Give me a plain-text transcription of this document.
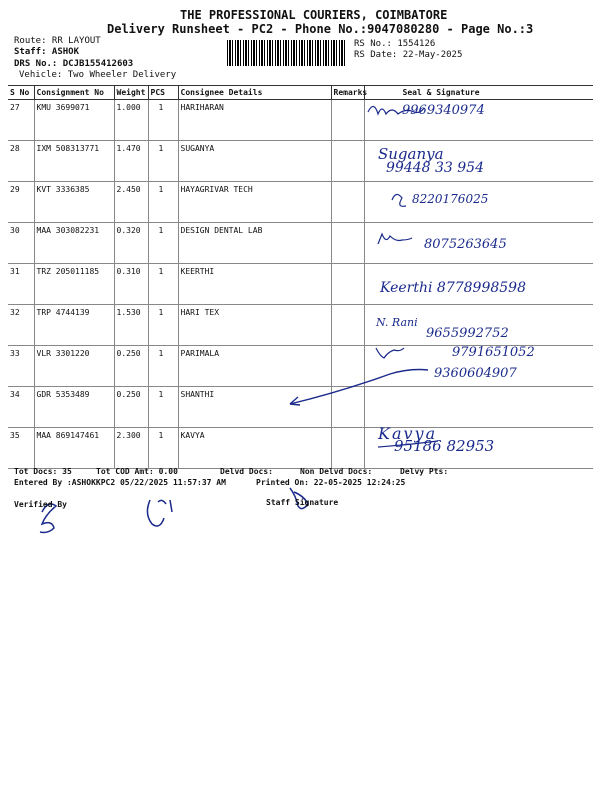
THE PROFESSIONAL COURIERS, COIMBATORE
Delivery Runsheet - PC2 - Phone No.:9047080280 - Page No.:3
Route: RR LAYOUT
Staff: ASHOK
DRS No.: DCJB155412603
Vehicle: Two Wheeler Delivery
RS No.: 1554126
RS Date: 22-May-2025
S No	Consignment No	Weight	PCS	Consignee Details	Remarks	Seal & Signature
27	KMU 3699071	1.000	1	HARIHARAN		
28	IXM 508313771	1.470	1	SUGANYA		
29	KVT 3336385	2.450	1	HAYAGRIVAR TECH		
30	MAA 303082231	0.320	1	DESIGN DENTAL LAB		
31	TRZ 205011185	0.310	1	KEERTHI		
32	TRP 4744139	1.530	1	HARI TEX		
33	VLR 3301220	0.250	1	PARIMALA		
34	GDR 5353489	0.250	1	SHANTHI		
35	MAA 869147461	2.300	1	KAVYA		
9969340974
Suganya
99448 33 954
8220176025
8075263645
Keerthi 8778998598
N. Rani
9655992752
9791651052
9360604907
Kavya
95186 82953
Tot Docs: 35	Tot COD Amt: 0.00	Delvd Docs:	Non Delvd Docs:	Delvy Pts:
Entered By :ASHOKKPC2 05/22/2025 11:57:37 AM	Printed On: 22-05-2025 12:24:25
Verified By	Staff Signature
